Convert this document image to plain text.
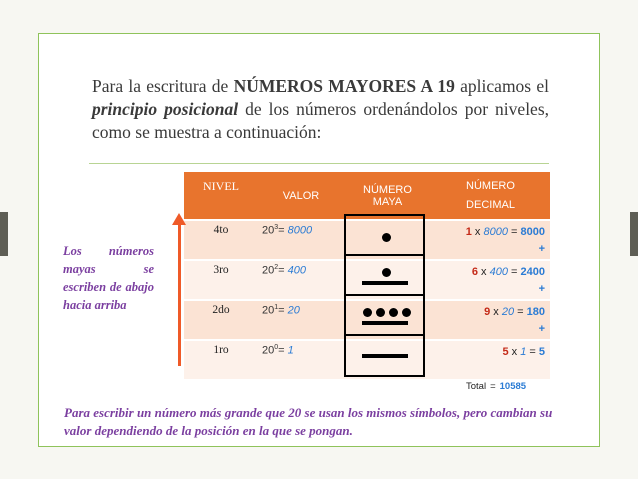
Para la escritura de NÚMEROS MAYORES A 19 aplicamos el principio posicional de los números ordenándolos por niveles, como se muestra a continuación:

NIVEL	VALOR	NÚMERO MAYA	NÚMERO
DECIMAL
4to	$20^3= 8000$		1 x 8000 = 8000
+

3ro	$20^2= 400$		6 x 400 = 2400
+

2do	$20^1= 20$		9 x 20 = 180
+

1ro	$20^0= 1$		5 x 1 = 5
Total = 10585

Los números mayas se escriben de abajo hacia arriba

Para escribir un número más grande que 20 se usan los mismos símbolos, pero cambian su valor dependiendo de la posición en la que se pongan.
